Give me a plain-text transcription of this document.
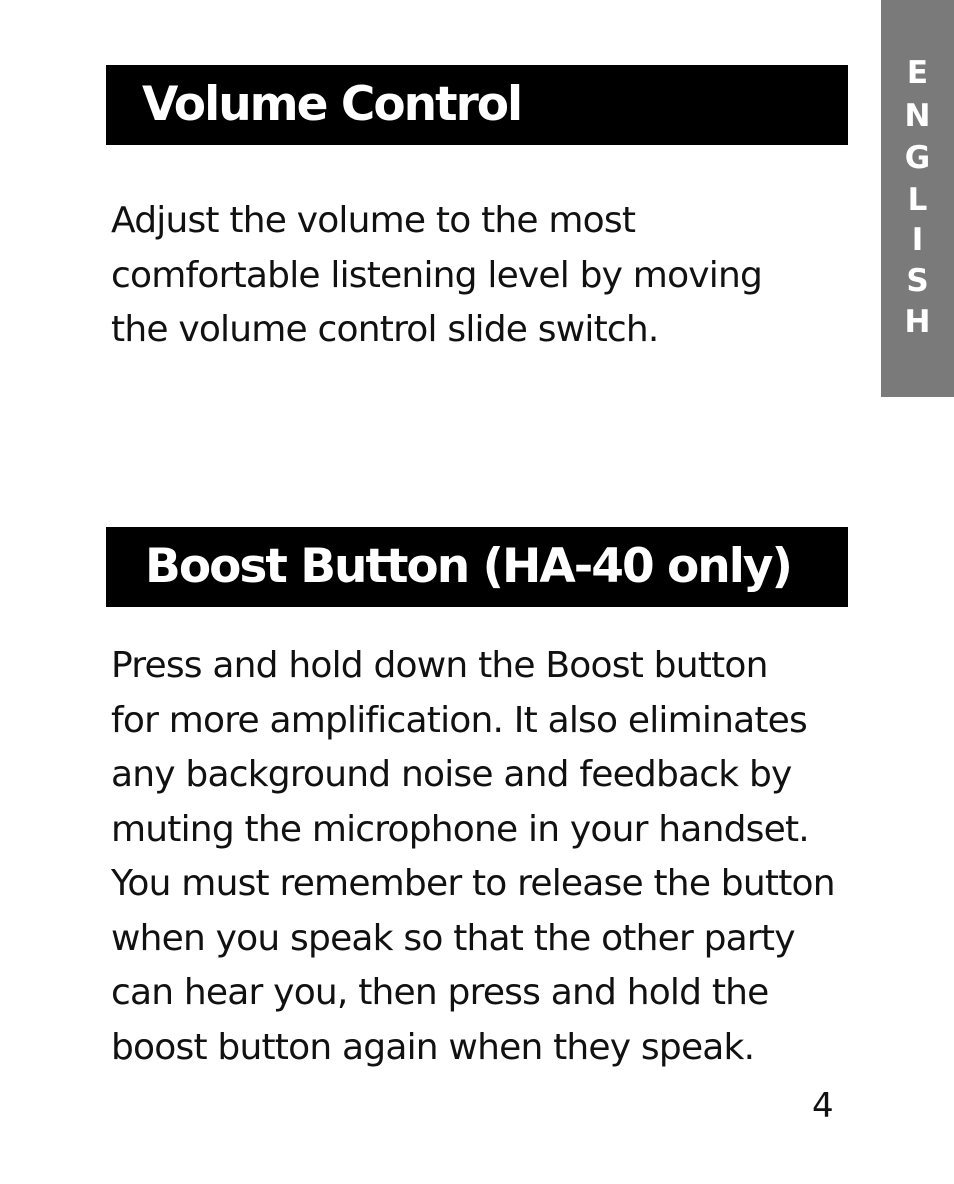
E
N
G
L
I
S
H
Volume Control
Adjust the volume to the most
comfortable listening level by moving
the volume control slide switch.
Boost Button (HA-40 only)
Press and hold down the Boost button
for more amplification. It also eliminates
any background noise and feedback by
muting the microphone in your handset.
You must remember to release the button
when you speak so that the other party
can hear you, then press and hold the
boost button again when they speak.
4
